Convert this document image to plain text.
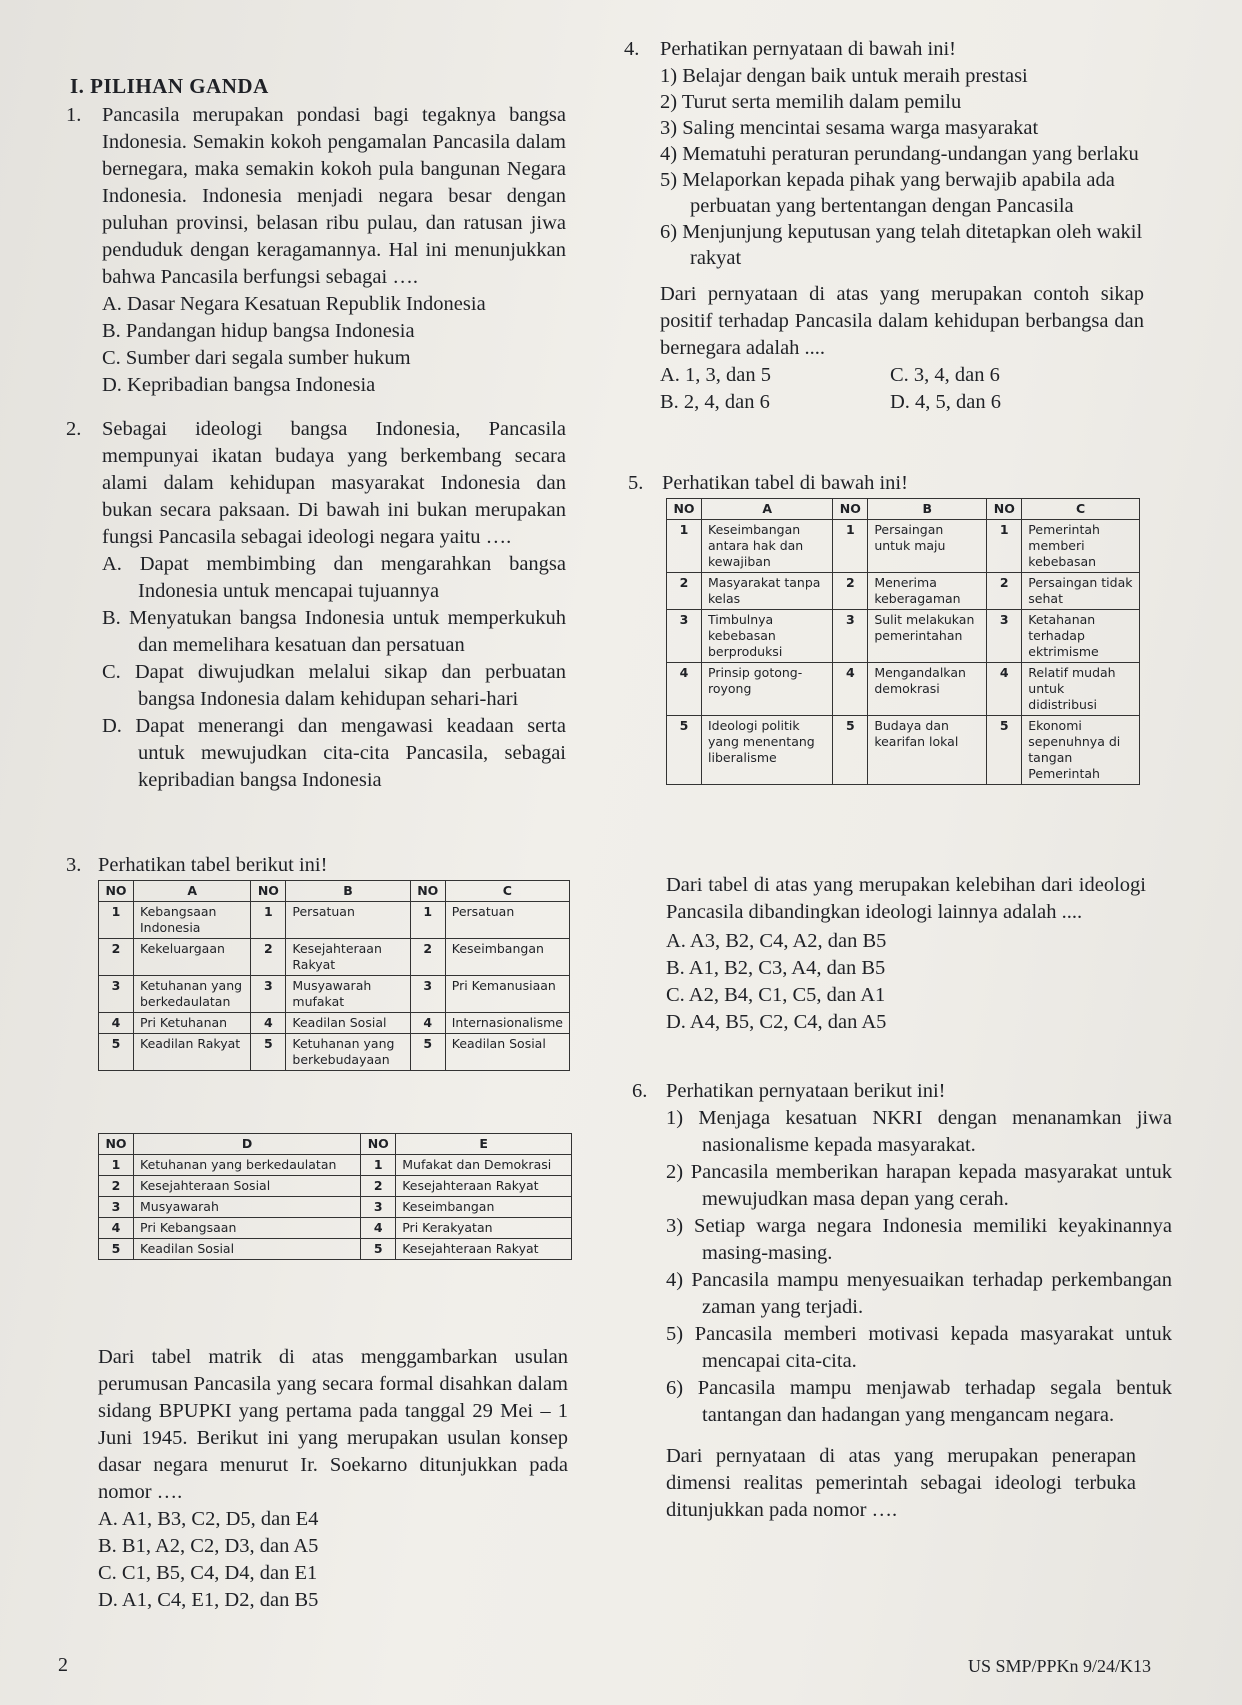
I. PILIHAN GANDA

1. Pancasila merupakan pondasi bagi tegaknya bangsa Indonesia. Semakin kokoh pengamalan Pancasila dalam bernegara, maka semakin kokoh pula bangunan Negara Indonesia. Indonesia menjadi negara besar dengan puluhan provinsi, belasan ribu pulau, dan ratusan jiwa penduduk dengan keragamannya. Hal ini menunjukkan bahwa Pancasila berfungsi sebagai ….

A. Dasar Negara Kesatuan Republik Indonesia

B. Pandangan hidup bangsa Indonesia

C. Sumber dari segala sumber hukum

D. Kepribadian bangsa Indonesia

2. Sebagai ideologi bangsa Indonesia, Pancasila mempunyai ikatan budaya yang berkembang secara alami dalam kehidupan masyarakat Indonesia dan bukan secara paksaan. Di bawah ini bukan merupakan fungsi Pancasila sebagai ideologi negara yaitu ….

A. Dapat membimbing dan mengarahkan bangsa Indonesia untuk mencapai tujuannya

B. Menyatukan bangsa Indonesia untuk memperkukuh dan memelihara kesatuan dan persatuan

C. Dapat diwujudkan melalui sikap dan perbuatan bangsa Indonesia dalam kehidupan sehari-hari

D. Dapat menerangi dan mengawasi keadaan serta untuk mewujudkan cita-cita Pancasila, sebagai kepribadian bangsa Indonesia

3. Perhatikan tabel berikut ini!
NO	A	NO	B	NO	C
1	Kebangsaan Indonesia	1	Persatuan	1	Persatuan
2	Kekeluargaan	2	Kesejahteraan Rakyat	2	Keseimbangan
3	Ketuhanan yang berkedaulatan	3	Musyawarah mufakat	3	Pri Kemanusiaan
4	Pri Ketuhanan	4	Keadilan Sosial	4	Internasionalisme
5	Keadilan Rakyat	5	Ketuhanan yang berkebudayaan	5	Keadilan Sosial
NO	D	NO	E
1	Ketuhanan yang berkedaulatan	1	Mufakat dan Demokrasi
2	Kesejahteraan Sosial	2	Kesejahteraan Rakyat
3	Musyawarah	3	Keseimbangan
4	Pri Kebangsaan	4	Pri Kerakyatan
5	Keadilan Sosial	5	Kesejahteraan Rakyat

Dari tabel matrik di atas menggambarkan usulan perumusan Pancasila yang secara formal disahkan dalam sidang BPUPKI yang pertama pada tanggal 29 Mei – 1 Juni 1945. Berikut ini yang merupakan usulan konsep dasar negara menurut Ir. Soekarno ditunjukkan pada nomor ….

A. A1, B3, C2, D5, dan E4

B. B1, A2, C2, D3, dan A5

C. C1, B5, C4, D4, dan E1

D. A1, C4, E1, D2, dan B5

4. Perhatikan pernyataan di bawah ini!

1) Belajar dengan baik untuk meraih prestasi

2) Turut serta memilih dalam pemilu

3) Saling mencintai sesama warga masyarakat

4) Mematuhi peraturan perundang-undangan yang berlaku

5) Melaporkan kepada pihak yang berwajib apabila ada perbuatan yang bertentangan dengan Pancasila

6) Menjunjung keputusan yang telah ditetapkan oleh wakil rakyat

Dari pernyataan di atas yang merupakan contoh sikap positif terhadap Pancasila dalam kehidupan berbangsa dan bernegara adalah ....

A. 1, 3, dan 5	C. 3, 4, dan 6
B. 2, 4, dan 6	D. 4, 5, dan 6
5. Perhatikan tabel di bawah ini!
NO	A	NO	B	NO	C
1	Keseimbangan antara hak dan kewajiban	1	Persaingan untuk maju	1	Pemerintah memberi kebebasan
2	Masyarakat tanpa kelas	2	Menerima keberagaman	2	Persaingan tidak sehat
3	Timbulnya kebebasan berproduksi	3	Sulit melakukan pemerintahan	3	Ketahanan terhadap ektrimisme
4	Prinsip gotong-royong	4	Mengandalkan demokrasi	4	Relatif mudah untuk didistribusi
5	Ideologi politik yang menentang liberalisme	5	Budaya dan kearifan lokal	5	Ekonomi sepenuhnya di tangan Pemerintah

Dari tabel di atas yang merupakan kelebihan dari ideologi Pancasila dibandingkan ideologi lainnya adalah ....

A. A3, B2, C4, A2, dan B5

B. A1, B2, C3, A4, dan B5

C. A2, B4, C1, C5, dan A1

D. A4, B5, C2, C4, dan A5

6. Perhatikan pernyataan berikut ini!

1) Menjaga kesatuan NKRI dengan menanamkan jiwa nasionalisme kepada masyarakat.

2) Pancasila memberikan harapan kepada masyarakat untuk mewujudkan masa depan yang cerah.

3) Setiap warga negara Indonesia memiliki keyakinannya masing-masing.

4) Pancasila mampu menyesuaikan terhadap perkembangan zaman yang terjadi.

5) Pancasila memberi motivasi kepada masyarakat untuk mencapai cita-cita.

6) Pancasila mampu menjawab terhadap segala bentuk tantangan dan hadangan yang mengancam negara.

Dari pernyataan di atas yang merupakan penerapan dimensi realitas pemerintah sebagai ideologi terbuka ditunjukkan pada nomor ….

2	US SMP/PPKn 9/24/K13
